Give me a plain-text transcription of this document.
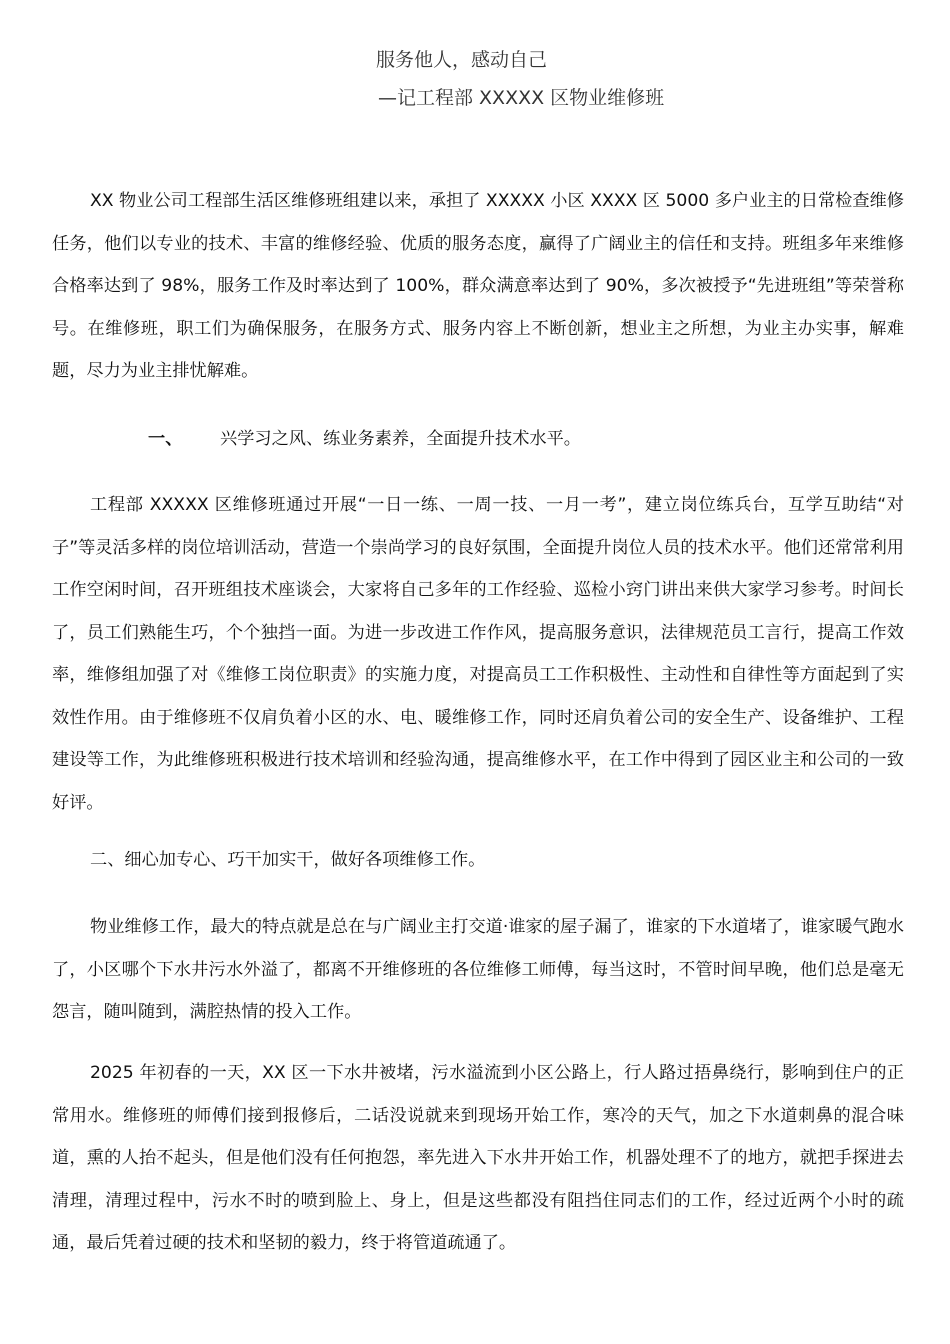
服务他人，感动自己
—记工程部 XXXXX 区物业维修班

XX 物业公司工程部生活区维修班组建以来，承担了 XXXXX 小区 XXXX 区 5000 多户业主的日常检查维修任务，他们以专业的技术、丰富的维修经验、优质的服务态度，赢得了广阔业主的信任和支持。班组多年来维修合格率达到了 98%，服务工作及时率达到了 100%，群众满意率达到了 90%，多次被授予“先进班组”等荣誉称号。在维修班，职工们为确保服务，在服务方式、服务内容上不断创新，想业主之所想，为业主办实事，解难题，尽力为业主排忧解难。

一、 兴学习之风、练业务素养，全面提升技术水平。

工程部 XXXXX 区维修班通过开展“一日一练、一周一技、一月一考”，建立岗位练兵台，互学互助结“对子”等灵活多样的岗位培训活动，营造一个崇尚学习的良好氛围，全面提升岗位人员的技术水平。他们还常常利用工作空闲时间，召开班组技术座谈会，大家将自己多年的工作经验、巡检小窍门讲出来供大家学习参考。时间长了，员工们熟能生巧，个个独挡一面。为进一步改进工作作风，提高服务意识，法律规范员工言行，提高工作效率，维修组加强了对《维修工岗位职责》的实施力度，对提高员工工作积极性、主动性和自律性等方面起到了实效性作用。由于维修班不仅肩负着小区的水、电、暖维修工作，同时还肩负着公司的安全生产、设备维护、工程建设等工作，为此维修班积极进行技术培训和经验沟通，提高维修水平，在工作中得到了园区业主和公司的一致好评。

二、细心加专心、巧干加实干，做好各项维修工作。

物业维修工作，最大的特点就是总在与广阔业主打交道·谁家的屋子漏了，谁家的下水道堵了，谁家暖气跑水了，小区哪个下水井污水外溢了，都离不开维修班的各位维修工师傅，每当这时，不管时间早晚，他们总是毫无怨言，随叫随到，满腔热情的投入工作。

2025 年初春的一天，XX 区一下水井被堵，污水溢流到小区公路上，行人路过捂鼻绕行，影响到住户的正常用水。维修班的师傅们接到报修后，二话没说就来到现场开始工作，寒冷的天气，加之下水道刺鼻的混合味道，熏的人抬不起头，但是他们没有任何抱怨，率先进入下水井开始工作，机器处理不了的地方，就把手探进去清理，清理过程中，污水不时的喷到脸上、身上，但是这些都没有阻挡住同志们的工作，经过近两个小时的疏通，最后凭着过硬的技术和坚韧的毅力，终于将管道疏通了。
